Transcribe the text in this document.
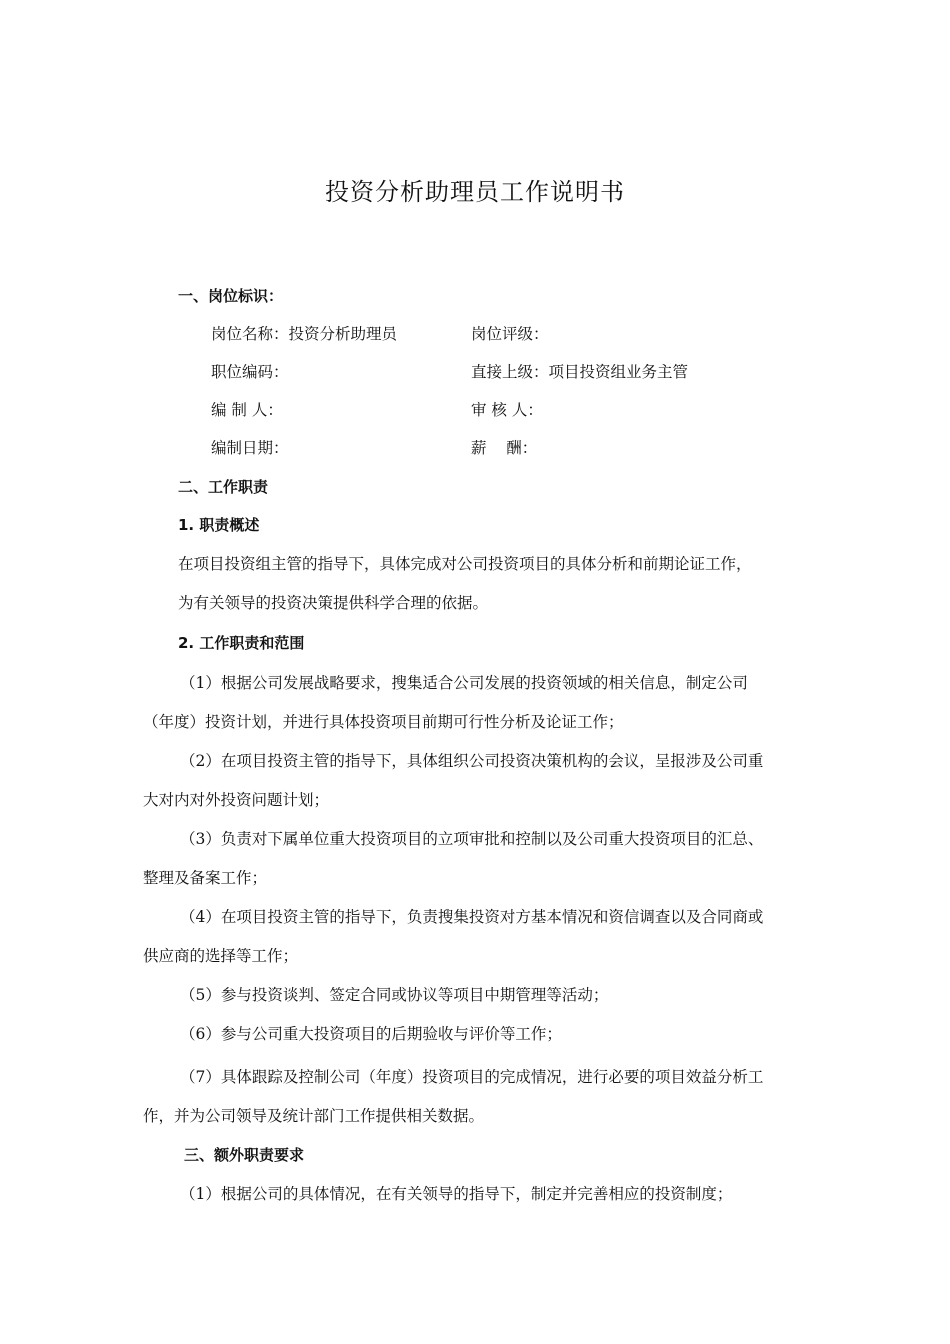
投资分析助理员工作说明书
一、岗位标识：
岗位名称：投资分析助理员	岗位评级：
职位编码：	直接上级：项目投资组业务主管
编 制 人：	审 核 人：
编制日期：	薪    酬：
二、工作职责
1. 职责概述
在项目投资组主管的指导下，具体完成对公司投资项目的具体分析和前期论证工作，
为有关领导的投资决策提供科学合理的依据。
2. 工作职责和范围
（1）根据公司发展战略要求，搜集适合公司发展的投资领域的相关信息，制定公司
（年度）投资计划，并进行具体投资项目前期可行性分析及论证工作；
（2）在项目投资主管的指导下，具体组织公司投资决策机构的会议，呈报涉及公司重
大对内对外投资问题计划；
（3）负责对下属单位重大投资项目的立项审批和控制以及公司重大投资项目的汇总、
整理及备案工作；
（4）在项目投资主管的指导下，负责搜集投资对方基本情况和资信调查以及合同商或
供应商的选择等工作；
（5）参与投资谈判、签定合同或协议等项目中期管理等活动；
（6）参与公司重大投资项目的后期验收与评价等工作；
（7）具体跟踪及控制公司（年度）投资项目的完成情况，进行必要的项目效益分析工
作，并为公司领导及统计部门工作提供相关数据。
三、额外职责要求
（1）根据公司的具体情况，在有关领导的指导下，制定并完善相应的投资制度；
